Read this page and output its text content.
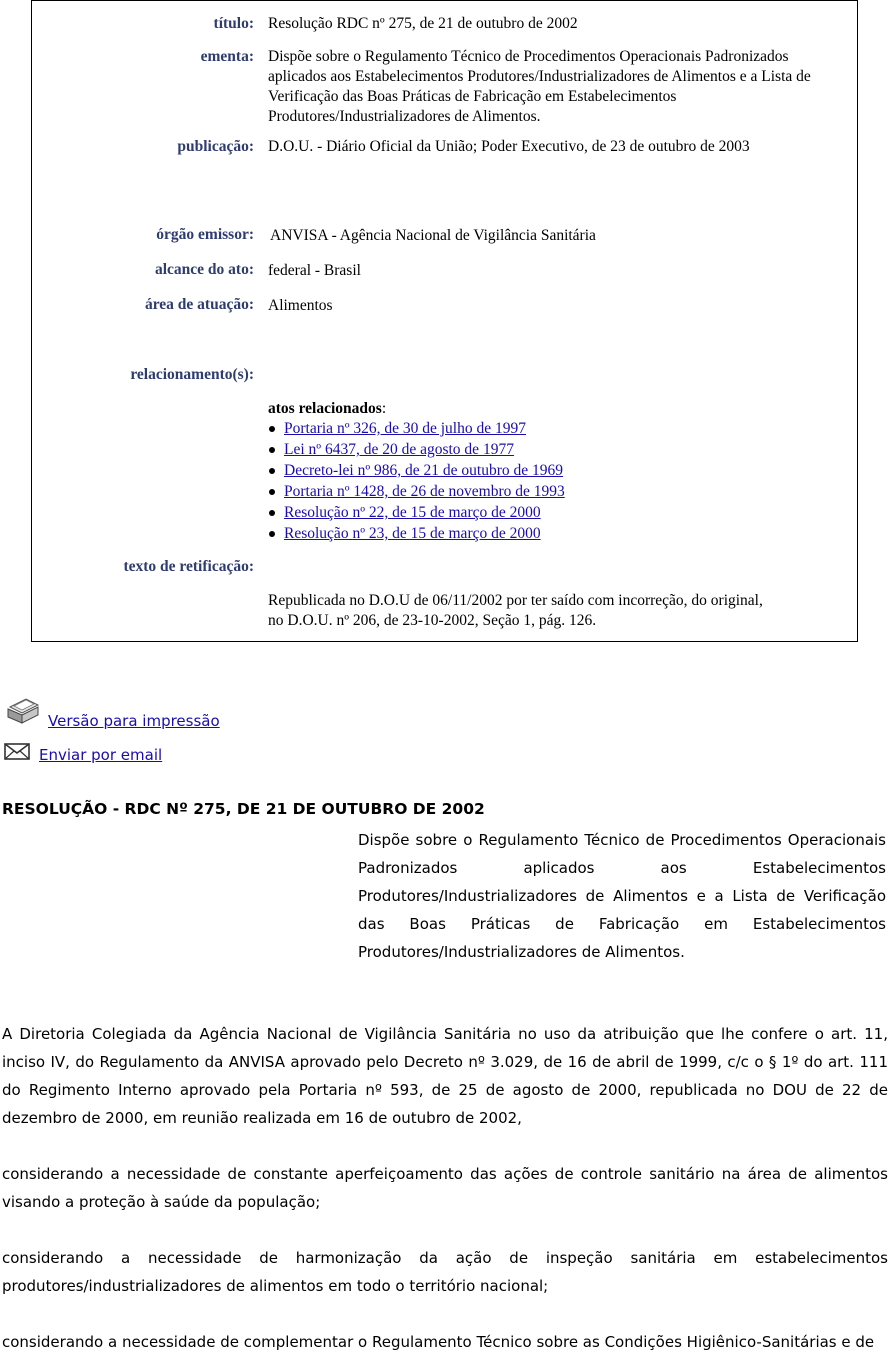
título: Resolução RDC nº 275, de 21 de outubro de 2002
ementa: Dispõe sobre o Regulamento Técnico de Procedimentos Operacionais Padronizados aplicados aos Estabelecimentos Produtores/Industrializadores de Alimentos e a Lista de Verificação das Boas Práticas de Fabricação em Estabelecimentos Produtores/Industrializadores de Alimentos.
publicação: D.O.U. - Diário Oficial da União; Poder Executivo, de 23 de outubro de 2003
órgão emissor: ANVISA - Agência Nacional de Vigilância Sanitária
alcance do ato: federal - Brasil
área de atuação: Alimentos
relacionamento(s):
atos relacionados:
Portaria nº 326, de 30 de julho de 1997
Lei nº 6437, de 20 de agosto de 1977
Decreto-lei nº 986, de 21 de outubro de 1969
Portaria nº 1428, de 26 de novembro de 1993
Resolução nº 22, de 15 de março de 2000
Resolução nº 23, de 15 de março de 2000
texto de retificação:
Republicada no D.O.U de 06/11/2002 por ter saído com incorreção, do original, no D.O.U. nº 206, de 23-10-2002, Seção 1, pág. 126.
Versão para impressão
Enviar por email
RESOLUÇÃO - RDC Nº 275, DE 21 DE OUTUBRO DE 2002
Dispõe sobre o Regulamento Técnico de Procedimentos Operacionais Padronizados aplicados aos Estabelecimentos Produtores/Industrializadores de Alimentos e a Lista de Verificação das Boas Práticas de Fabricação em Estabelecimentos Produtores/Industrializadores de Alimentos.
A Diretoria Colegiada da Agência Nacional de Vigilância Sanitária no uso da atribuição que lhe confere o art. 11, inciso IV, do Regulamento da ANVISA aprovado pelo Decreto nº 3.029, de 16 de abril de 1999, c/c o § 1º do art. 111 do Regimento Interno aprovado pela Portaria nº 593, de 25 de agosto de 2000, republicada no DOU de 22 de dezembro de 2000, em reunião realizada em 16 de outubro de 2002,
considerando a necessidade de constante aperfeiçoamento das ações de controle sanitário na área de alimentos visando a proteção à saúde da população;
considerando a necessidade de harmonização da ação de inspeção sanitária em estabelecimentos produtores/industrializadores de alimentos em todo o território nacional;
considerando a necessidade de complementar o Regulamento Técnico sobre as Condições Higiênico-Sanitárias e de
